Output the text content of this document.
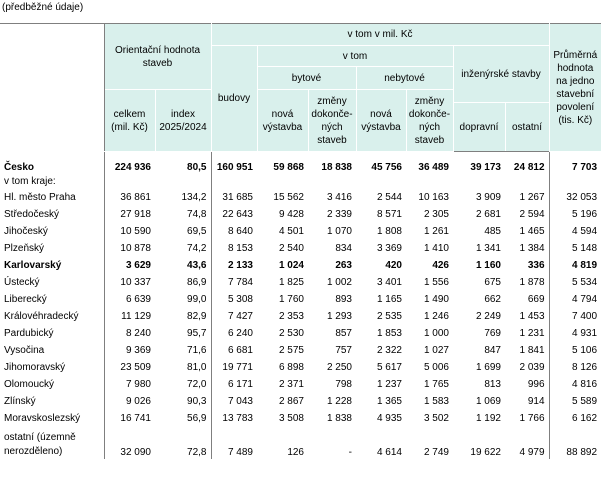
(předběžné údaje)
	Orientační hodnota staveb		v tom v mil. Kč							Průměrná hodnota na jedno stavební povolení (tis. Kč)
			budovy	v tom				inženýrské stavby		
				bytové		nebytové				
	celkem (mil. Kč)	index 2025/2024		nová výstavba	změny dokonče-ných staveb	nová výstavba	změny dokonče-ných staveb			
								dopravní	ostatní	
Česko	224 936	80,5	160 951	59 868	18 838	45 756	36 489	39 173	24 812	7 703
v tom kraje:										
Hl. město Praha	36 861	134,2	31 685	15 562	3 416	2 544	10 163	3 909	1 267	32 053
Středočeský	27 918	74,8	22 643	9 428	2 339	8 571	2 305	2 681	2 594	5 196
Jihočeský	10 590	69,5	8 640	4 501	1 070	1 808	1 261	485	1 465	4 594
Plzeňský	10 878	74,2	8 153	2 540	834	3 369	1 410	1 341	1 384	5 148
Karlovarský	3 629	43,6	2 133	1 024	263	420	426	1 160	336	4 819
Ústecký	10 337	86,9	7 784	1 825	1 002	3 401	1 556	675	1 878	5 534
Liberecký	6 639	99,0	5 308	1 760	893	1 165	1 490	662	669	4 794
Královéhradecký	11 129	82,9	7 427	2 353	1 293	2 535	1 246	2 249	1 453	7 400
Pardubický	8 240	95,7	6 240	2 530	857	1 853	1 000	769	1 231	4 931
Vysočina	9 369	71,6	6 681	2 575	757	2 322	1 027	847	1 841	5 106
Jihomoravský	23 509	81,0	19 771	6 898	2 250	5 617	5 006	1 699	2 039	8 126
Olomoucký	7 980	72,0	6 171	2 371	798	1 237	1 765	813	996	4 816
Zlínský	9 026	90,3	7 043	2 867	1 228	1 365	1 583	1 069	914	5 589
Moravskoslezský	16 741	56,9	13 783	3 508	1 838	4 935	3 502	1 192	1 766	6 162
ostatní (územně nerozděleno)	32 090	72,8	7 489	126	-	4 614	2 749	19 622	4 979	88 892
